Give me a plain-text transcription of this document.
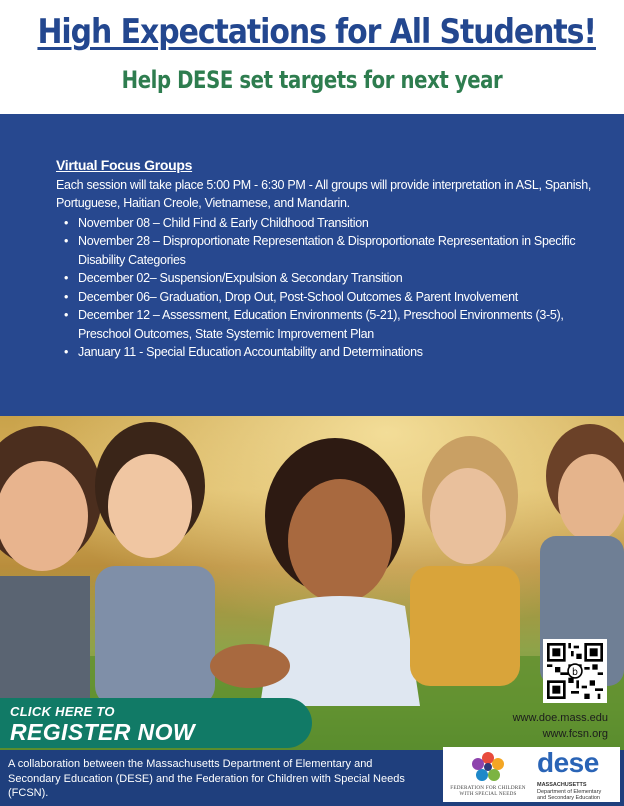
High Expectations for All Students!
Help DESE set targets for next year
Virtual Focus Groups
Each session will take place 5:00 PM - 6:30 PM - All groups will provide interpretation in ASL, Spanish, Portuguese, Haitian Creole, Vietnamese, and Mandarin.
• November 08 – Child Find & Early Childhood Transition
• November 28 – Disproportionate Representation & Disproportionate Representation in Specific Disability Categories
• December 02– Suspension/Expulsion & Secondary Transition
• December 06– Graduation, Drop Out, Post-School Outcomes & Parent Involvement
• December 12 – Assessment, Education Environments (5-21), Preschool Environments (3-5), Preschool Outcomes, State Systemic Improvement Plan
• January 11 - Special Education Accountability and Determinations
CLICK HERE TO
REGISTER NOW
b
www.doe.mass.edu
www.fcsn.org
A collaboration between the Massachusetts Department of Elementary and Secondary Education (DESE) and the Federation for Children with Special Needs (FCSN).	FEDERATION FOR CHILDREN
WITH SPECIAL NEEDS
dese
MASSACHUSETTS
Department of Elementary
and Secondary Education
